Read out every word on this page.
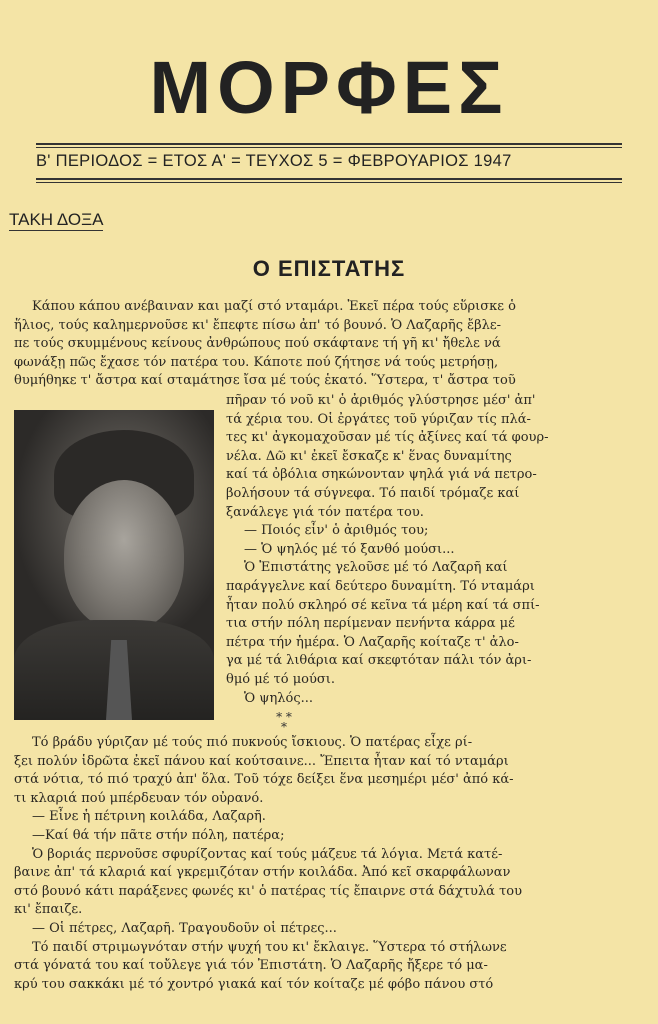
ΜΟΡΦΕΣ
Β' ΠΕΡΙΟΔΟΣ = ΕΤΟΣ Α' = ΤΕΥΧΟΣ 5 = ΦΕΒΡΟΥΑΡΙΟΣ 1947
ΤΑΚΗ ΔΟΞΑ
Ο ΕΠΙΣΤΑΤΗΣ
* * *
Κάπου κάπου ανέβαιναν και μαζί στό νταμάρι. Ἐκεῖ πέρα τούς εὕρισκε ὁ
ἥλιος, τούς καλημερνοῦσε κι' ἔπεφτε πίσω ἀπ' τό βουνό. Ὁ Λαζαρῆς ἔβλε-
πε τούς σκυμμένους κείνους ἀνθρώπους πού σκάφτανε τή γῆ κι' ἤθελε νά
φωνάξῃ πῶς ἔχασε τόν πατέρα του. Κάποτε πού ζήτησε νά τούς μετρήσῃ,
θυμήθηκε τ' ἄστρα καί σταμάτησε ἴσα μέ τούς ἑκατό. Ὕστερα, τ' ἄστρα τοῦ
πῆραν τό νοῦ κι' ὁ ἀριθμός γλύστρησε μέσ' ἀπ'
τά χέρια του. Οἱ ἐργάτες τοῦ γύριζαν τίς πλά-
τες κι' ἀγκομαχοῦσαν μέ τίς ἀξίνες καί τά φουρ-
νέλα. Δῶ κι' ἐκεῖ ἔσκαζε κ' ἕνας δυναμίτης
καί τά ὀβόλια σηκώνονταν ψηλά γιά νά πετρο-
βολήσουν τά σύγνεφα. Τό παιδί τρόμαζε καί
ξανάλεγε γιά τόν πατέρα του.
— Ποιός εἶν' ὁ ἀριθμός του;
— Ὁ ψηλός μέ τό ξανθό μούσι...
Ὁ Ἐπιστάτης γελοῦσε μέ τό Λαζαρῆ καί
παράγγελνε καί δεύτερο δυναμίτη. Τό νταμάρι
ἦταν πολύ σκληρό σέ κεῖνα τά μέρη καί τά σπί-
τια στήν πόλη περίμεναν πενήντα κάρρα μέ
πέτρα τήν ἡμέρα. Ὁ Λαζαρῆς κοίταζε τ' ἀλο-
γα μέ τά λιθάρια καί σκεφτόταν πάλι τόν ἀρι-
θμό μέ τό μούσι.
Ὁ ψηλός...
Τό βράδυ γύριζαν μέ τούς πιό πυκνούς ἴσκιους. Ὁ πατέρας εἶχε ρί-
ξει πολύν ἱδρῶτα ἐκεῖ πάνου καί κούτσαινε... Ἔπειτα ἦταν καί τό νταμάρι
στά νότια, τό πιό τραχύ ἀπ' ὅλα. Τοῦ τόχε δείξει ἕνα μεσημέρι μέσ' ἀπό κά-
τι κλαριά πού μπέρδευαν τόν οὐρανό.
— Εἶνε ἡ πέτρινη κοιλάδα, Λαζαρῆ.
—Καί θά τήν πᾶτε στήν πόλη, πατέρα;
Ὁ βοριάς περνοῦσε σφυρίζοντας καί τούς μάζευε τά λόγια. Μετά κατέ-
βαινε ἀπ' τά κλαριά καί γκρεμιζόταν στήν κοιλάδα. Ἀπό κεῖ σκαρφάλωναν
στό βουνό κάτι παράξενες φωνές κι' ὁ πατέρας τίς ἔπαιρνε στά δάχτυλά του
κι' ἔπαιζε.
— Οἱ πέτρες, Λαζαρῆ. Τραγουδοῦν οἱ πέτρες...
Τό παιδί στριμωγνόταν στήν ψυχή του κι' ἔκλαιγε. Ὕστερα τό στήλωνε
στά γόνατά του καί τοὔλεγε γιά τόν Ἐπιστάτη. Ὁ Λαζαρῆς ἤξερε τό μα-
κρύ του σακκάκι μέ τό χοντρό γιακά καί τόν κοίταζε μέ φόβο πάνου στό
